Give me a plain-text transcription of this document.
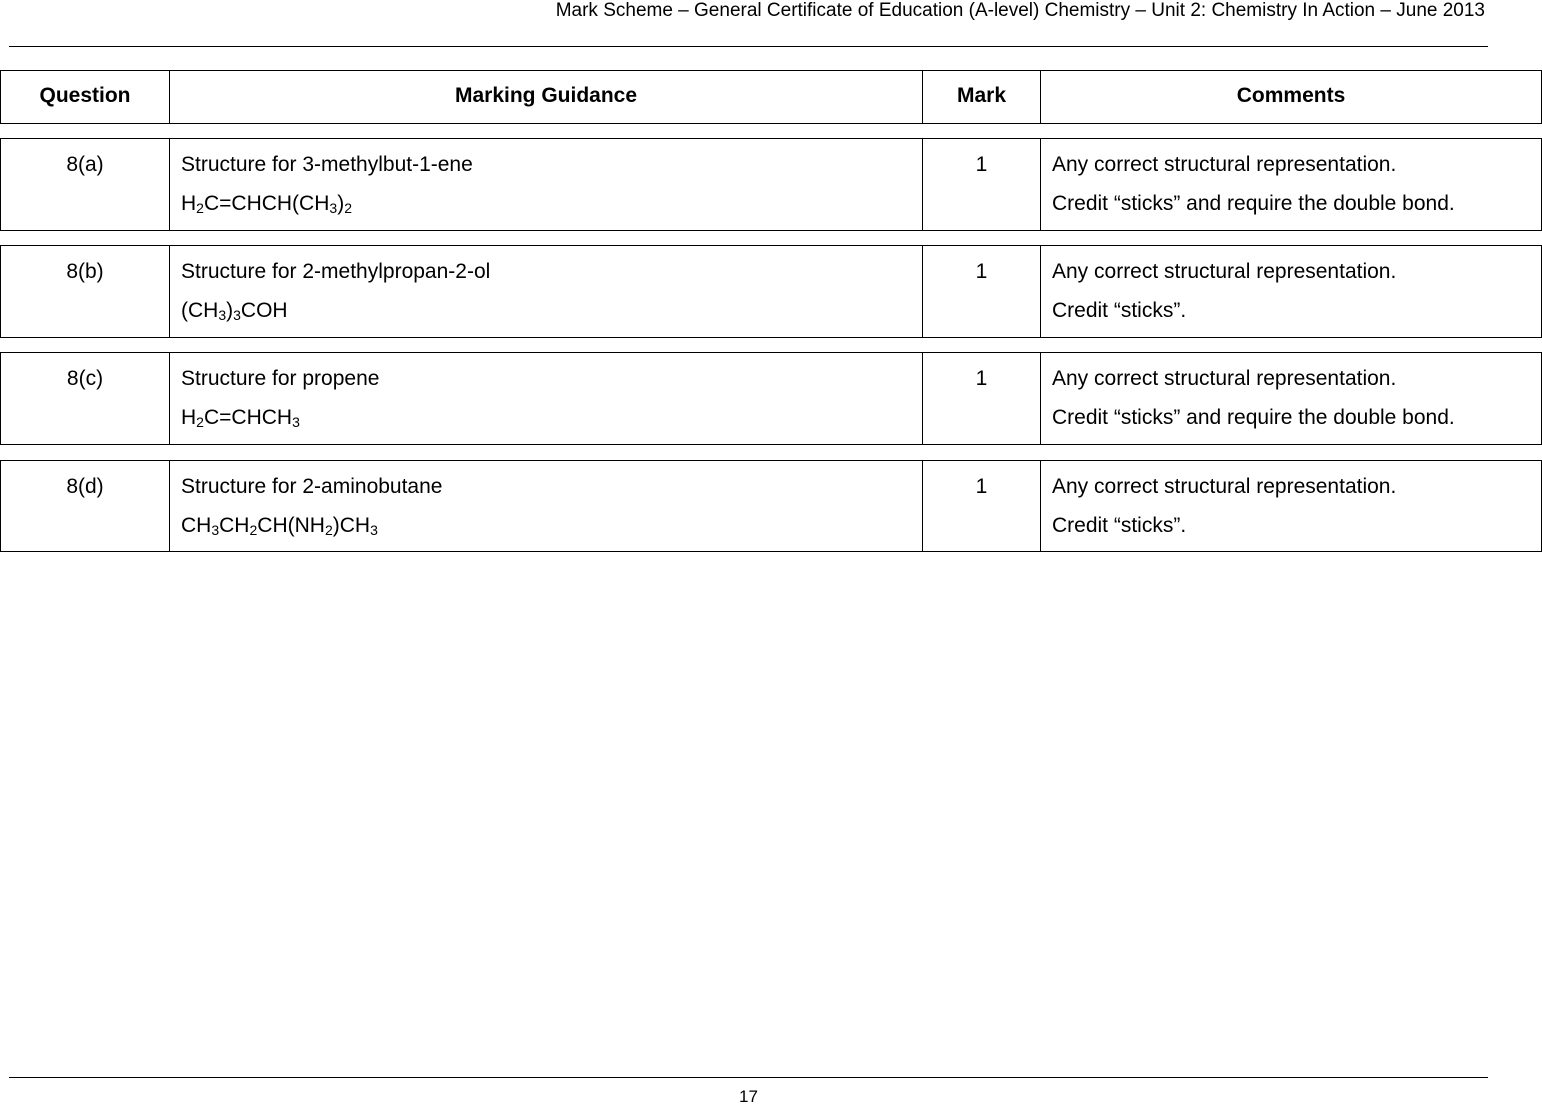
Mark Scheme – General Certificate of Education (A-level) Chemistry – Unit 2: Chemistry In Action – June 2013
Question	Marking Guidance	Mark	Comments
8(a)	Structure for 3-methylbut-1-ene
$H_2C=CHCH(CH_3)_2$
1	Any correct structural representation.
Credit “sticks” and require the double bond.
8(b)	Structure for 2-methylpropan-2-ol
$(CH_3)_3COH$
1	Any correct structural representation.
Credit “sticks”.
8(c)	Structure for propene
$H_2C=CHCH_3$
1	Any correct structural representation.
Credit “sticks” and require the double bond.
8(d)	Structure for 2-aminobutane
$CH_3CH_2CH(NH_2)CH_3$
1	Any correct structural representation.
Credit “sticks”.
17
